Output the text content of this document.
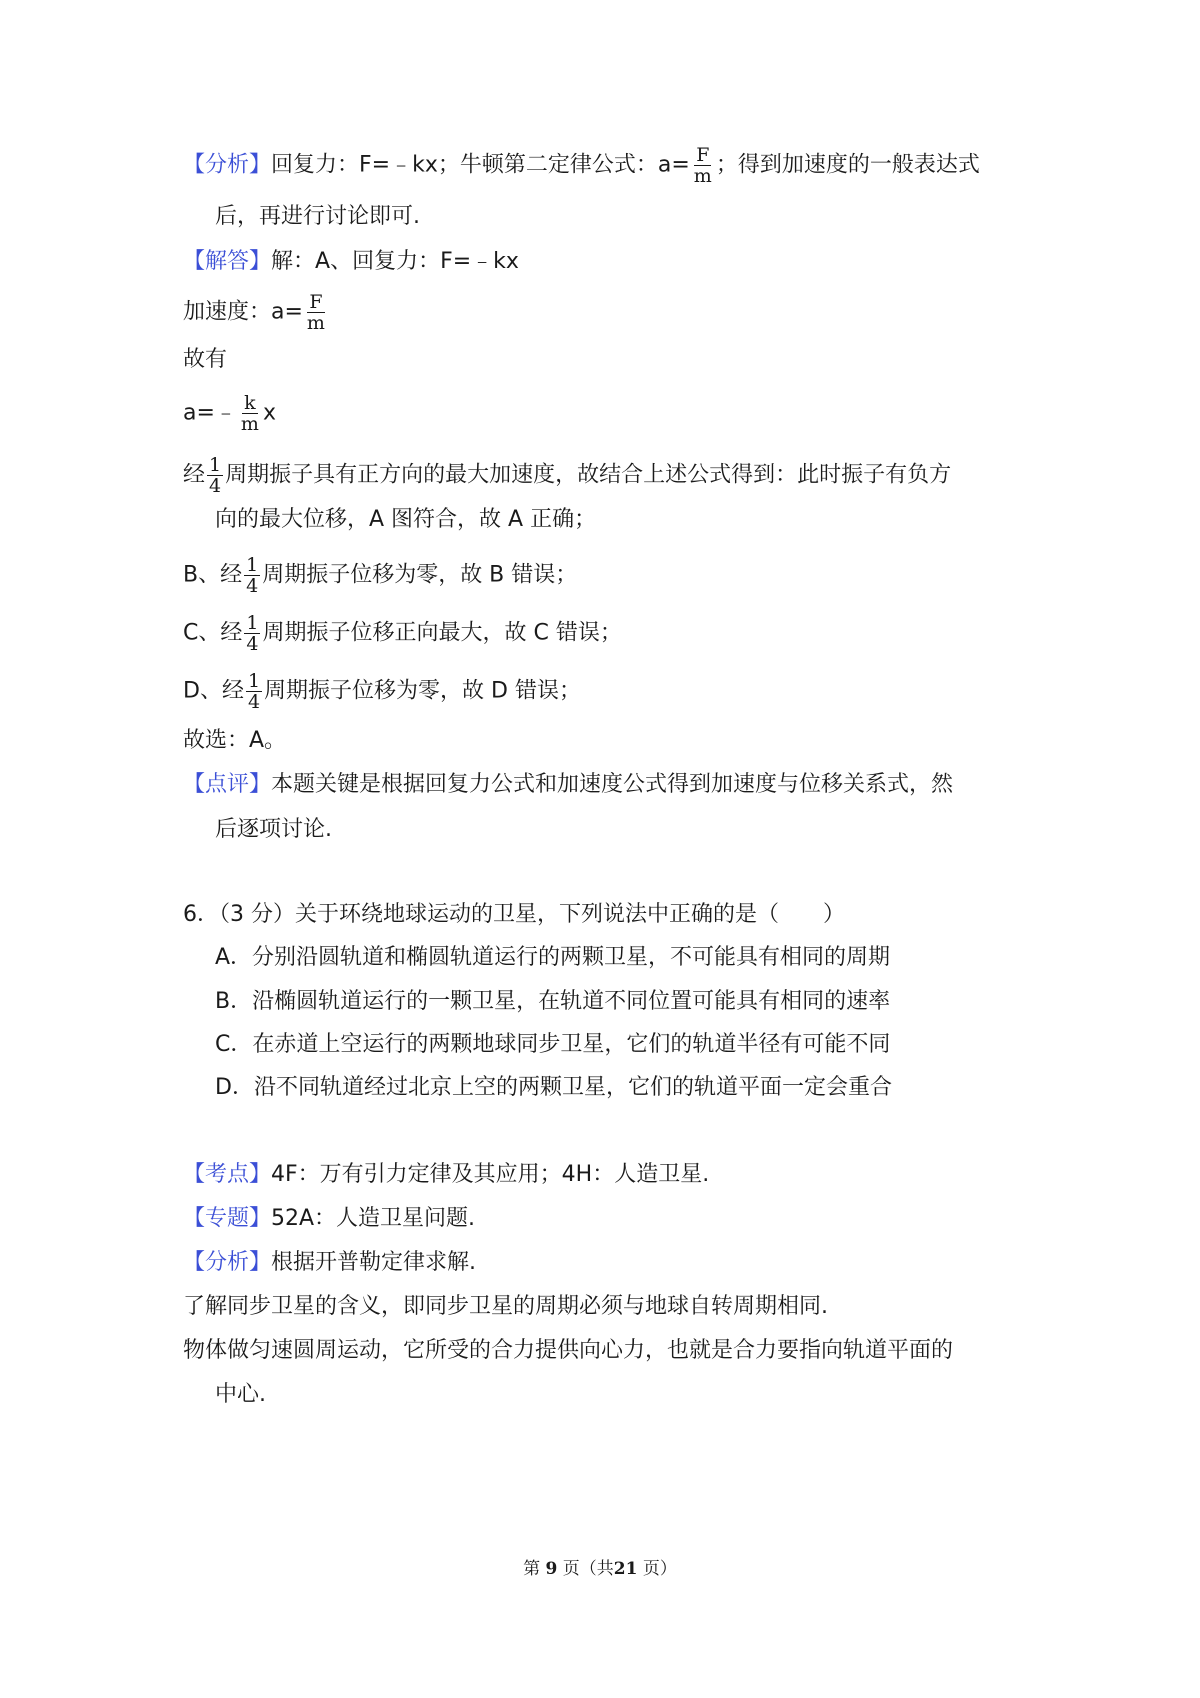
【分析】回复力：F=﹣kx；牛顿第二定律公式：$a= \frac{F}{m}$ ；得到加速度的一般表达式
后，再进行讨论即可.
【解答】解：A、回复力：F=﹣kx
加速度：$a= \frac{F}{m}$
故有
a=﹣ $\frac{k}{m}$ x
经 $\frac{1}{4}$ 周期振子具有正方向的最大加速度，故结合上述公式得到：此时振子有负方
向的最大位移，A 图符合，故 A 正确；
B、经 $\frac{1}{4}$ 周期振子位移为零，故 B 错误；
C、经 $\frac{1}{4}$ 周期振子位移正向最大，故 C 错误；
D、经 $\frac{1}{4}$ 周期振子位移为零，故 D 错误；
故选：A。
【点评】本题关键是根据回复力公式和加速度公式得到加速度与位移关系式，然
后逐项讨论.
6．（3 分）关于环绕地球运动的卫星，下列说法中正确的是（　　）
A．分别沿圆轨道和椭圆轨道运行的两颗卫星，不可能具有相同的周期
B．沿椭圆轨道运行的一颗卫星，在轨道不同位置可能具有相同的速率
C．在赤道上空运行的两颗地球同步卫星，它们的轨道半径有可能不同
D．沿不同轨道经过北京上空的两颗卫星，它们的轨道平面一定会重合
【考点】4F：万有引力定律及其应用；4H：人造卫星.
【专题】52A：人造卫星问题.
【分析】根据开普勒定律求解.
了解同步卫星的含义，即同步卫星的周期必须与地球自转周期相同.
物体做匀速圆周运动，它所受的合力提供向心力，也就是合力要指向轨道平面的
中心.
第 9 页（共21 页）
